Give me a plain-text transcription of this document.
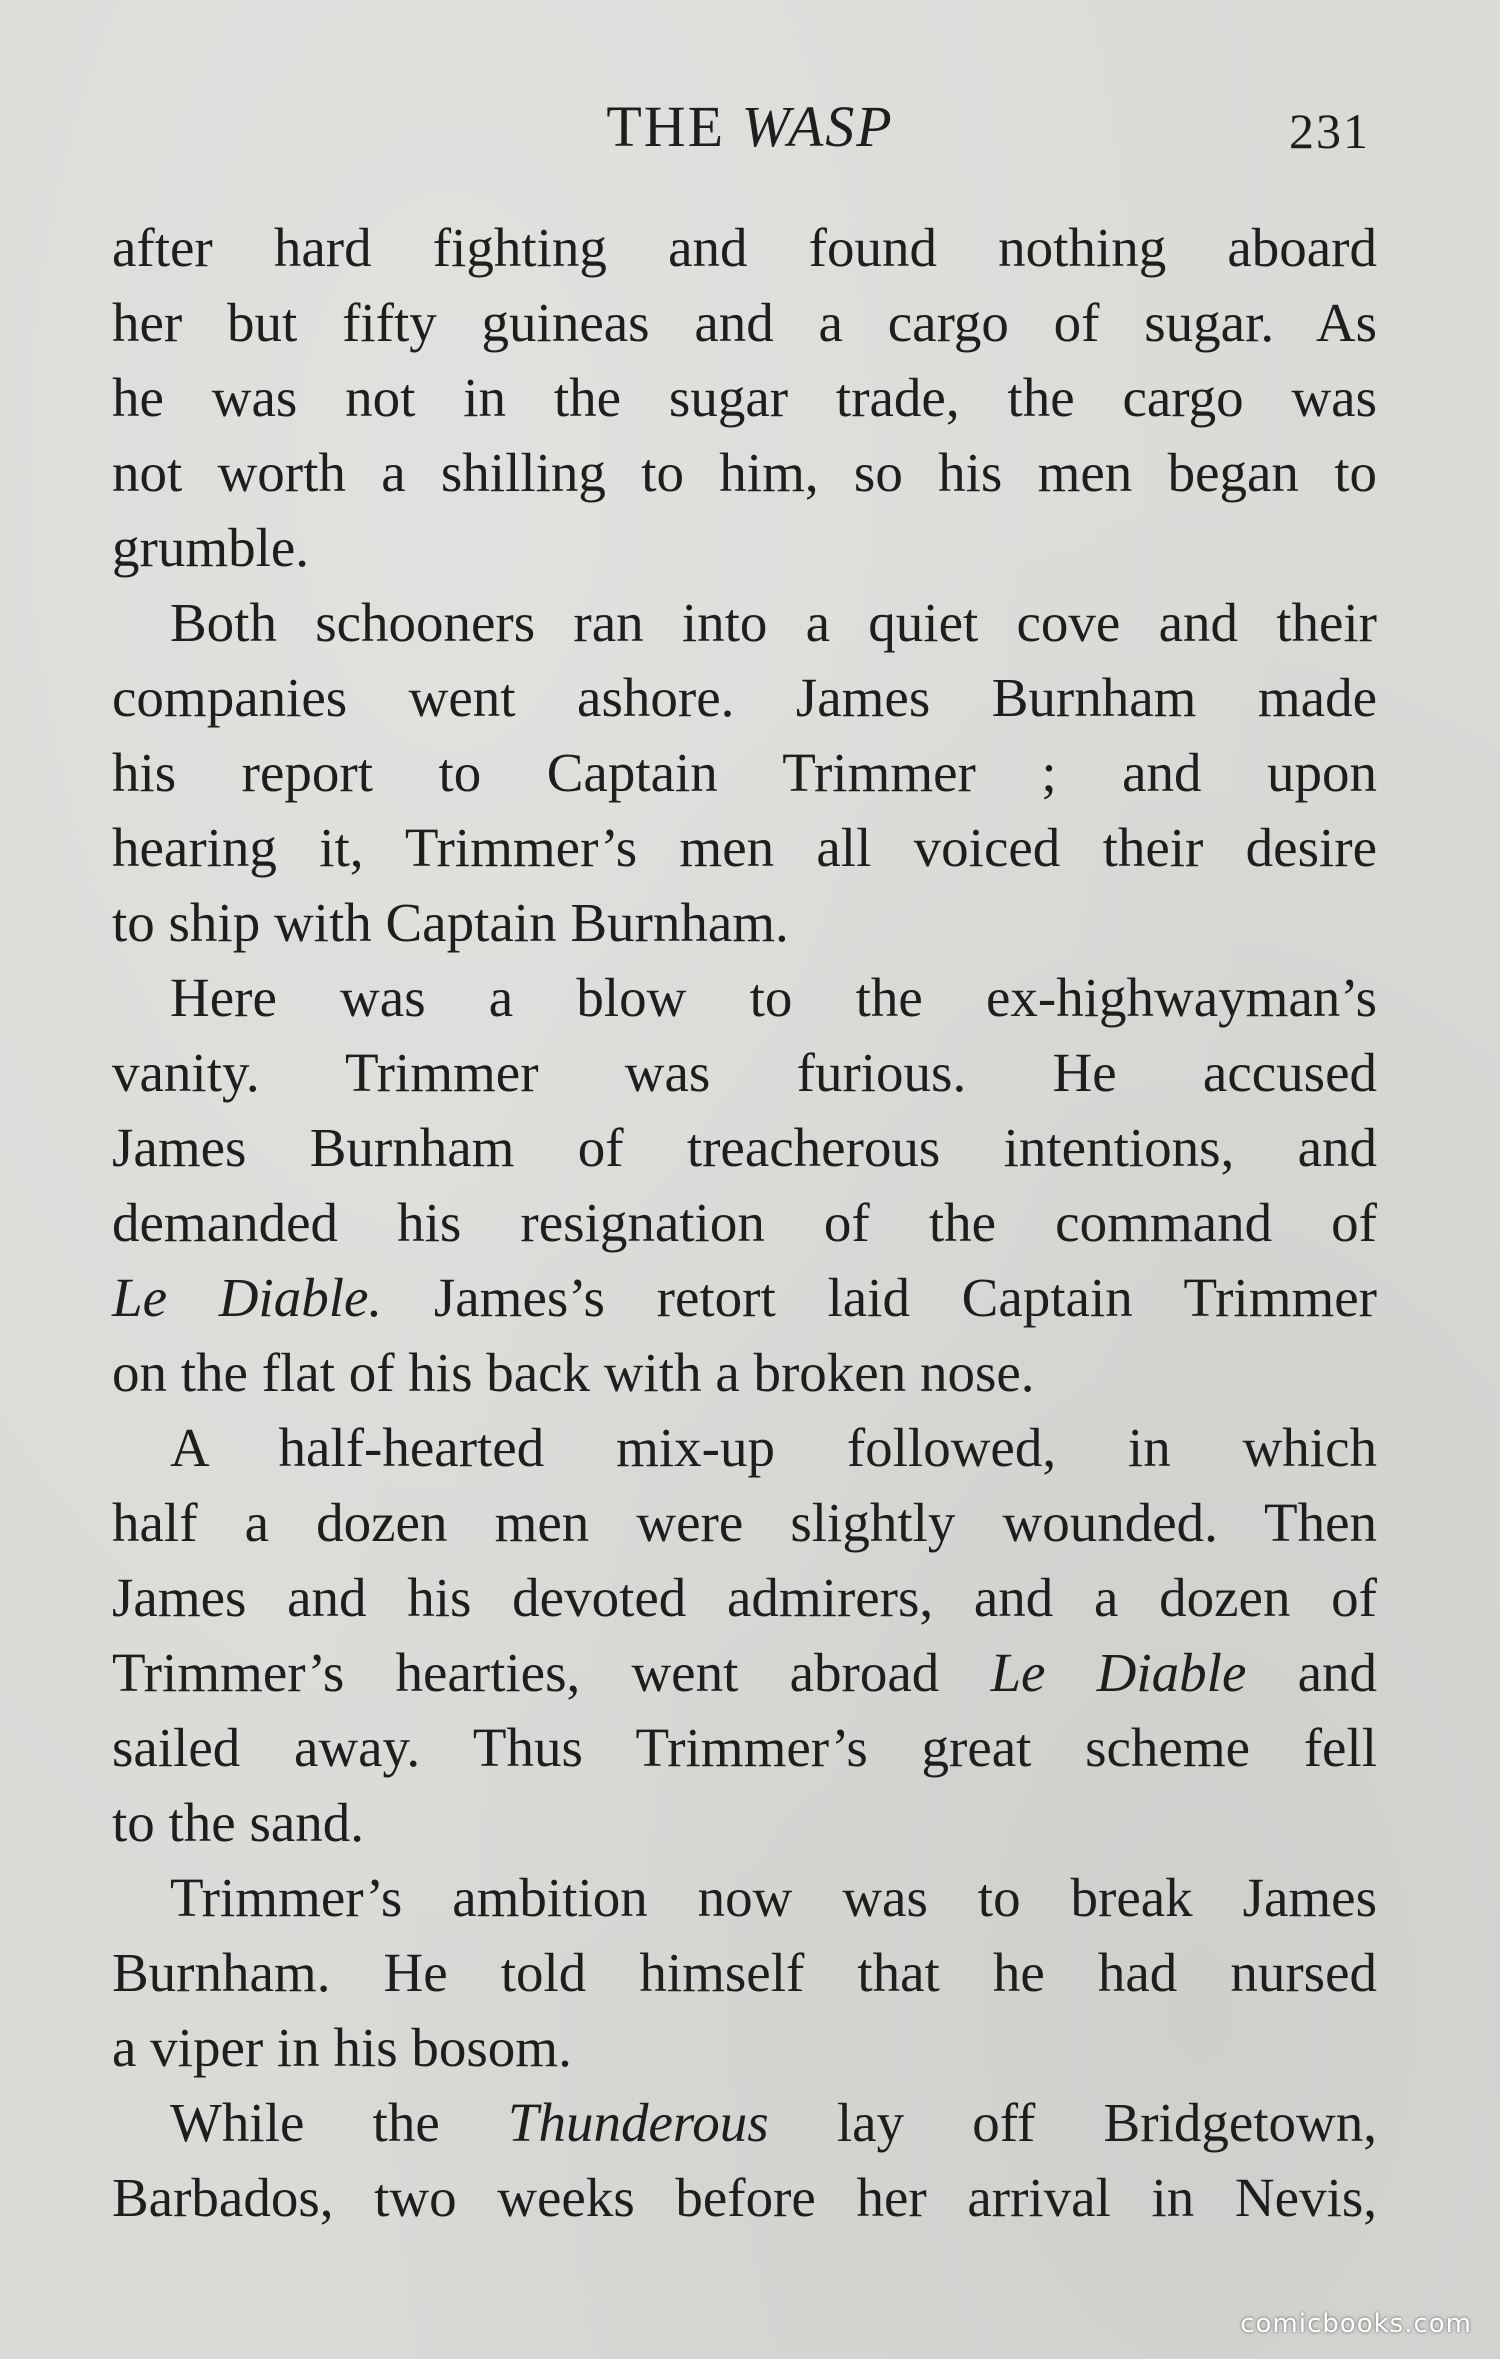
THE WASP	231
after hard fighting and found nothing aboard
her but fifty guineas and a cargo of sugar. As
he was not in the sugar trade, the cargo was
not worth a shilling to him, so his men began to
grumble.
Both schooners ran into a quiet cove and their
companies went ashore. James Burnham made
his report to Captain Trimmer ; and upon
hearing it, Trimmer’s men all voiced their desire
to ship with Captain Burnham.
Here was a blow to the ex-highwayman’s
vanity. Trimmer was furious. He accused
James Burnham of treacherous intentions, and
demanded his resignation of the command of
Le Diable. James’s retort laid Captain Trimmer
on the flat of his back with a broken nose.
A half-hearted mix-up followed, in which
half a dozen men were slightly wounded. Then
James and his devoted admirers, and a dozen of
Trimmer’s hearties, went abroad Le Diable and
sailed away. Thus Trimmer’s great scheme fell
to the sand.
Trimmer’s ambition now was to break James
Burnham. He told himself that he had nursed
a viper in his bosom.
While the Thunderous lay off Bridgetown,
Barbados, two weeks before her arrival in Nevis,
comicbooks.com
